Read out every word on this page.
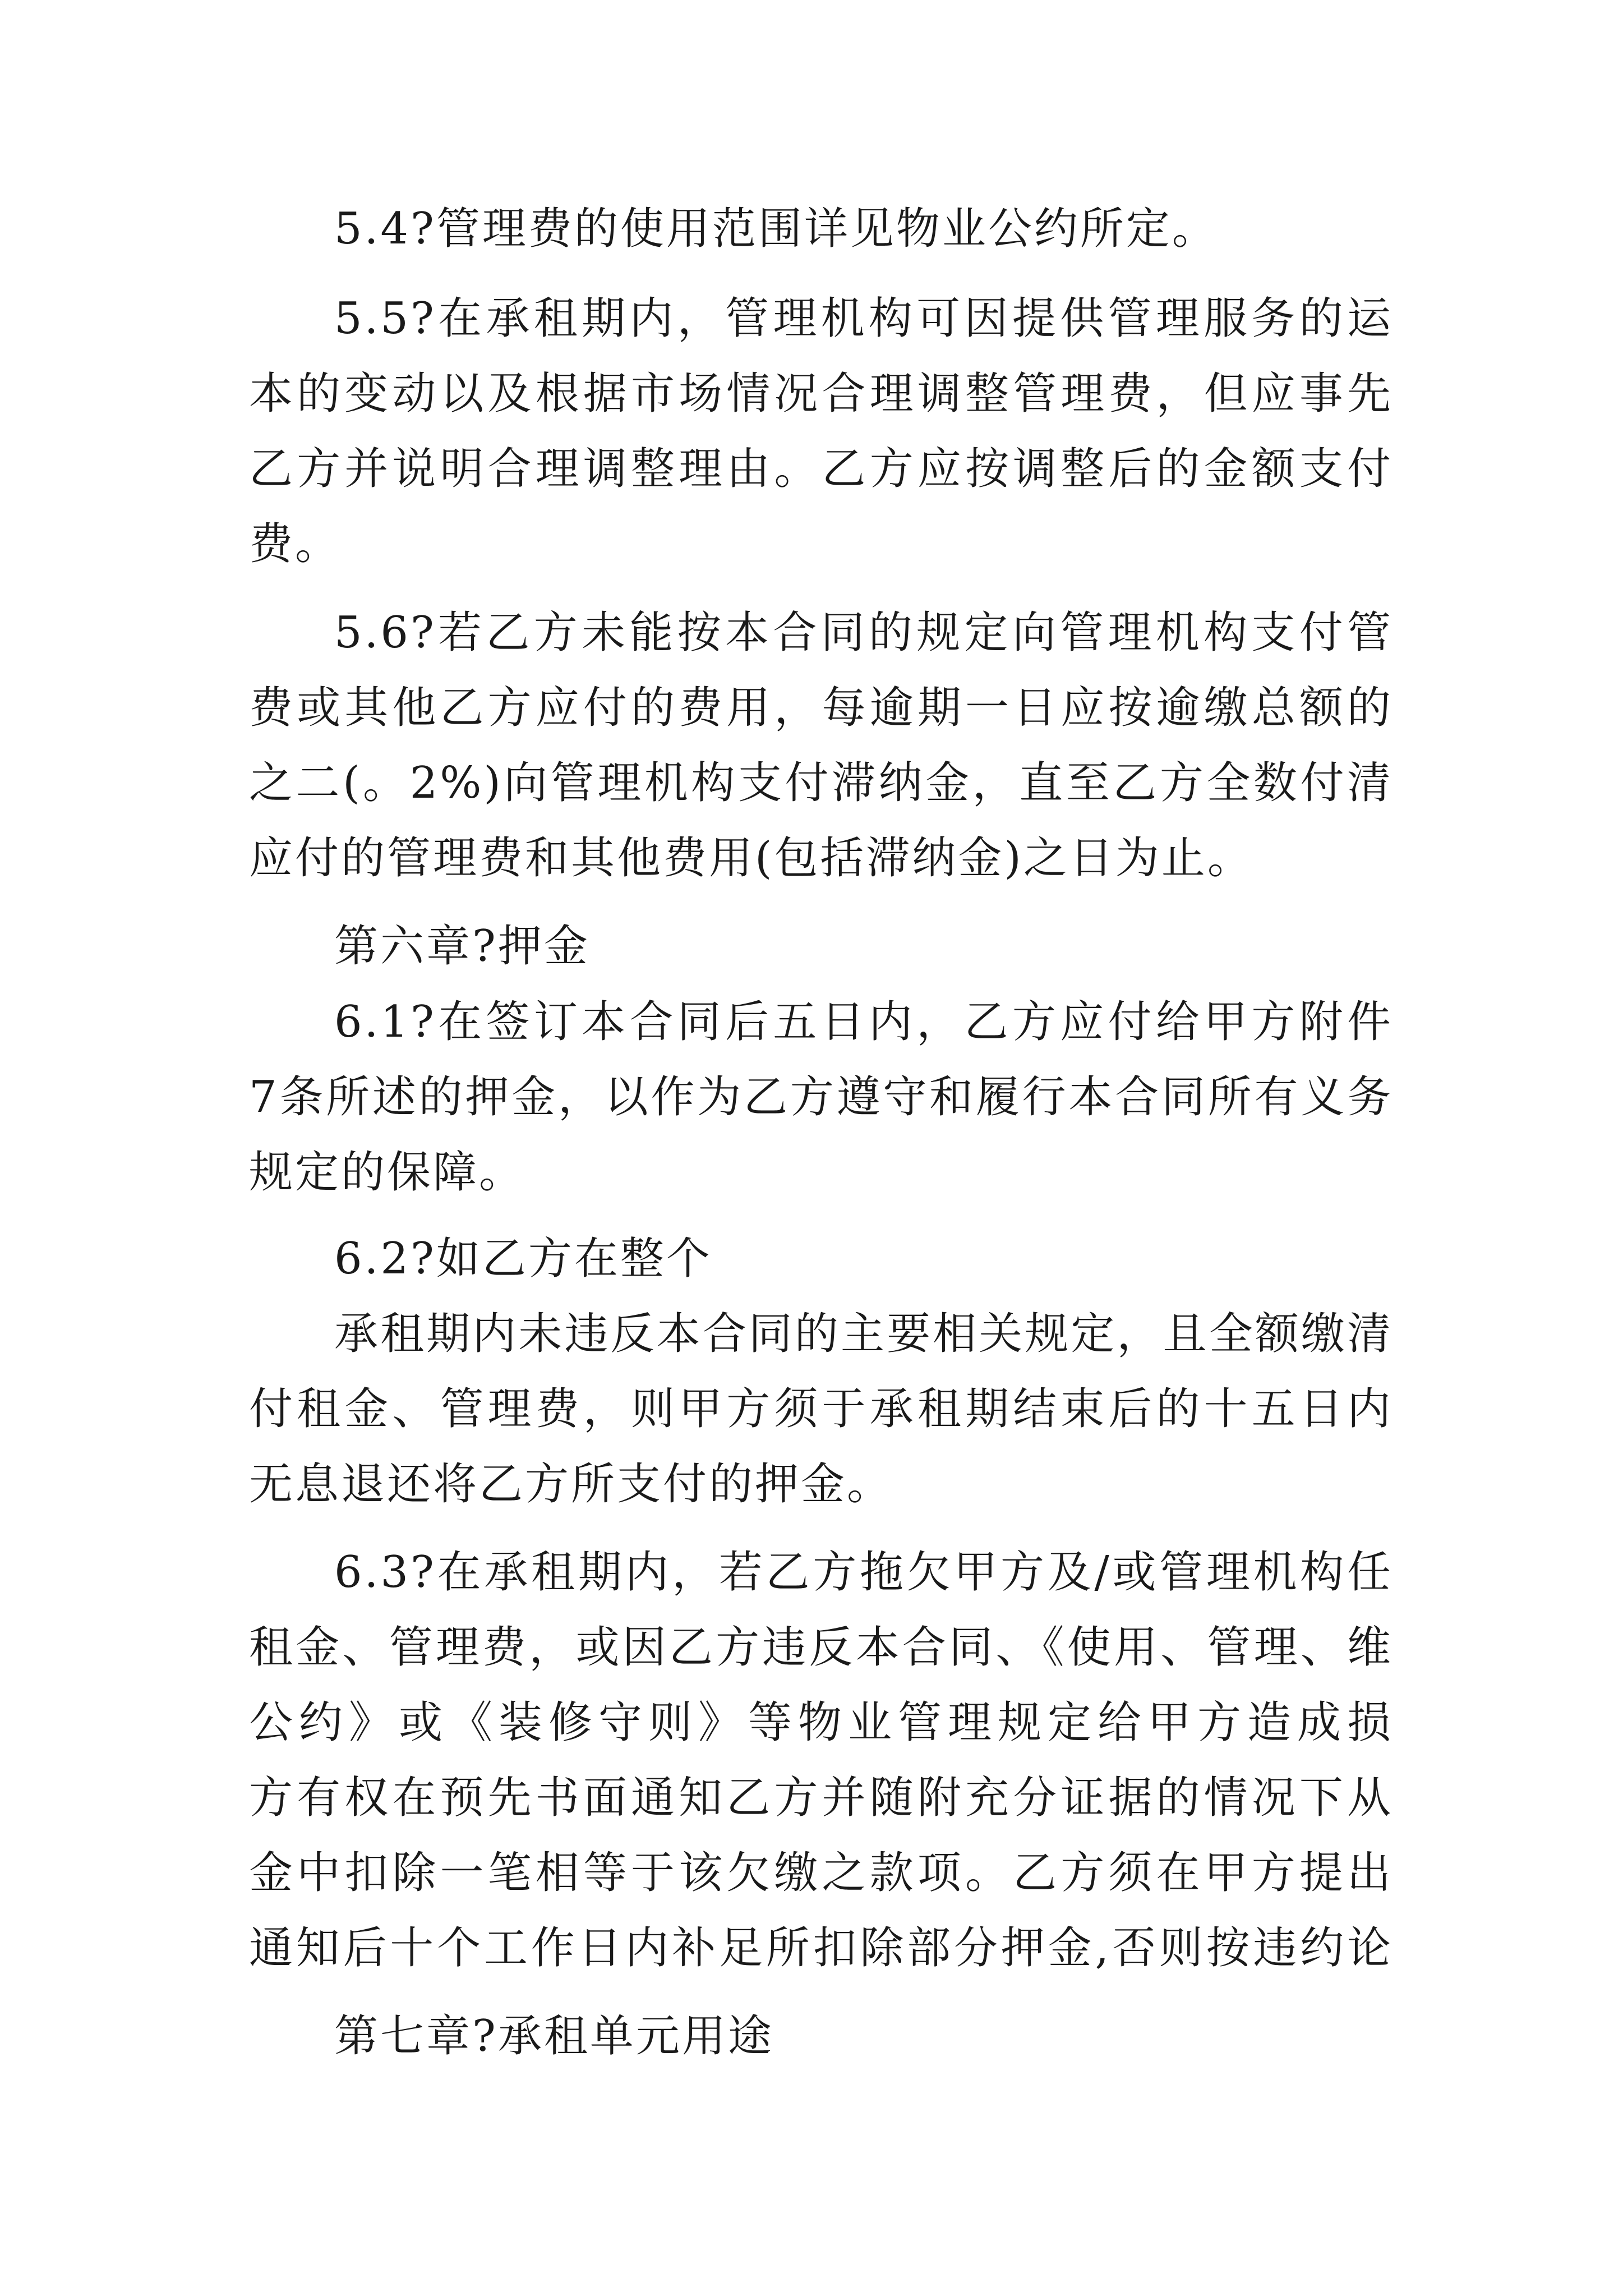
5.4?管理费的使用范围详见物业公约所定。
5.5?在承租期内，管理机构可因提供管理服务的运
本的变动以及根据市场情况合理调整管理费，但应事先
乙方并说明合理调整理由。乙方应按调整后的金额支付
费。
5.6?若乙方未能按本合同的规定向管理机构支付管
费或其他乙方应付的费用，每逾期一日应按逾缴总额的
之二(。2%)向管理机构支付滞纳金，直至乙方全数付清
应付的管理费和其他费用(包括滞纳金)之日为止。
第六章?押金
6.1?在签订本合同后五日内，乙方应付给甲方附件
7条所述的押金，以作为乙方遵守和履行本合同所有义务
规定的保障。
6.2?如乙方在整个
承租期内未违反本合同的主要相关规定，且全额缴清
付租金、管理费，则甲方须于承租期结束后的十五日内
无息退还将乙方所支付的押金。
6.3?在承租期内，若乙方拖欠甲方及/或管理机构任
租金、管理费，或因乙方违反本合同、《使用、管理、维
公约》或《装修守则》等物业管理规定给甲方造成损
方有权在预先书面通知乙方并随附充分证据的情况下从
金中扣除一笔相等于该欠缴之款项。乙方须在甲方提出
通知后十个工作日内补足所扣除部分押金,否则按违约论
第七章?承租单元用途
